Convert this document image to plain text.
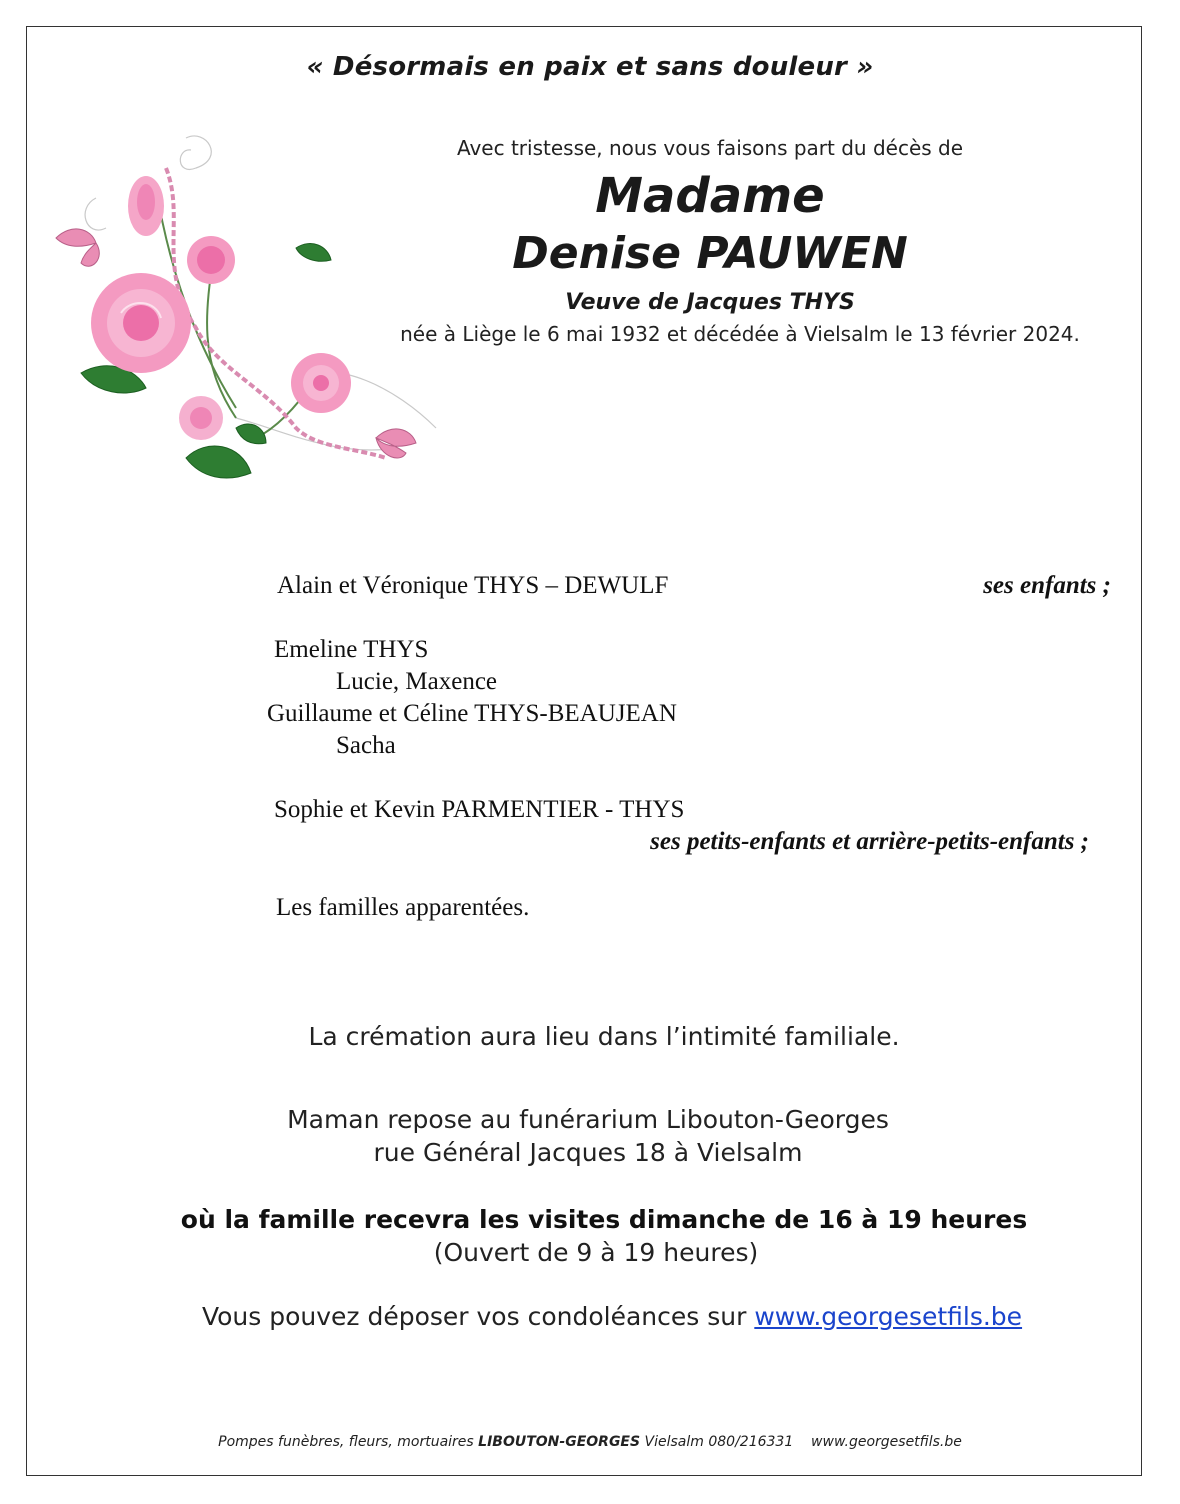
« Désormais en paix et sans douleur »
Avec tristesse, nous vous faisons part du décès de
Madame
Denise PAUWEN
Veuve de Jacques THYS
née à Liège le 6 mai 1932 et décédée à Vielsalm le 13 février 2024.
Alain et Véronique THYS – DEWULF	ses enfants ;
Emeline THYS
Lucie, Maxence
Guillaume et Céline THYS-BEAUJEAN
Sacha
Sophie et Kevin PARMENTIER - THYS
ses petits-enfants et arrière-petits-enfants ;
Les familles apparentées.
La crémation aura lieu dans l’intimité familiale.
Maman repose au funérarium Libouton-Georges
rue Général Jacques 18 à Vielsalm
où la famille recevra les visites dimanche de 16 à 19 heures
(Ouvert de 9 à 19 heures)
Vous pouvez déposer vos condoléances sur www.georgesetfils.be
Pompes funèbres, fleurs, mortuaires LIBOUTON-GEORGES Vielsalm 080/216331    www.georgesetfils.be
